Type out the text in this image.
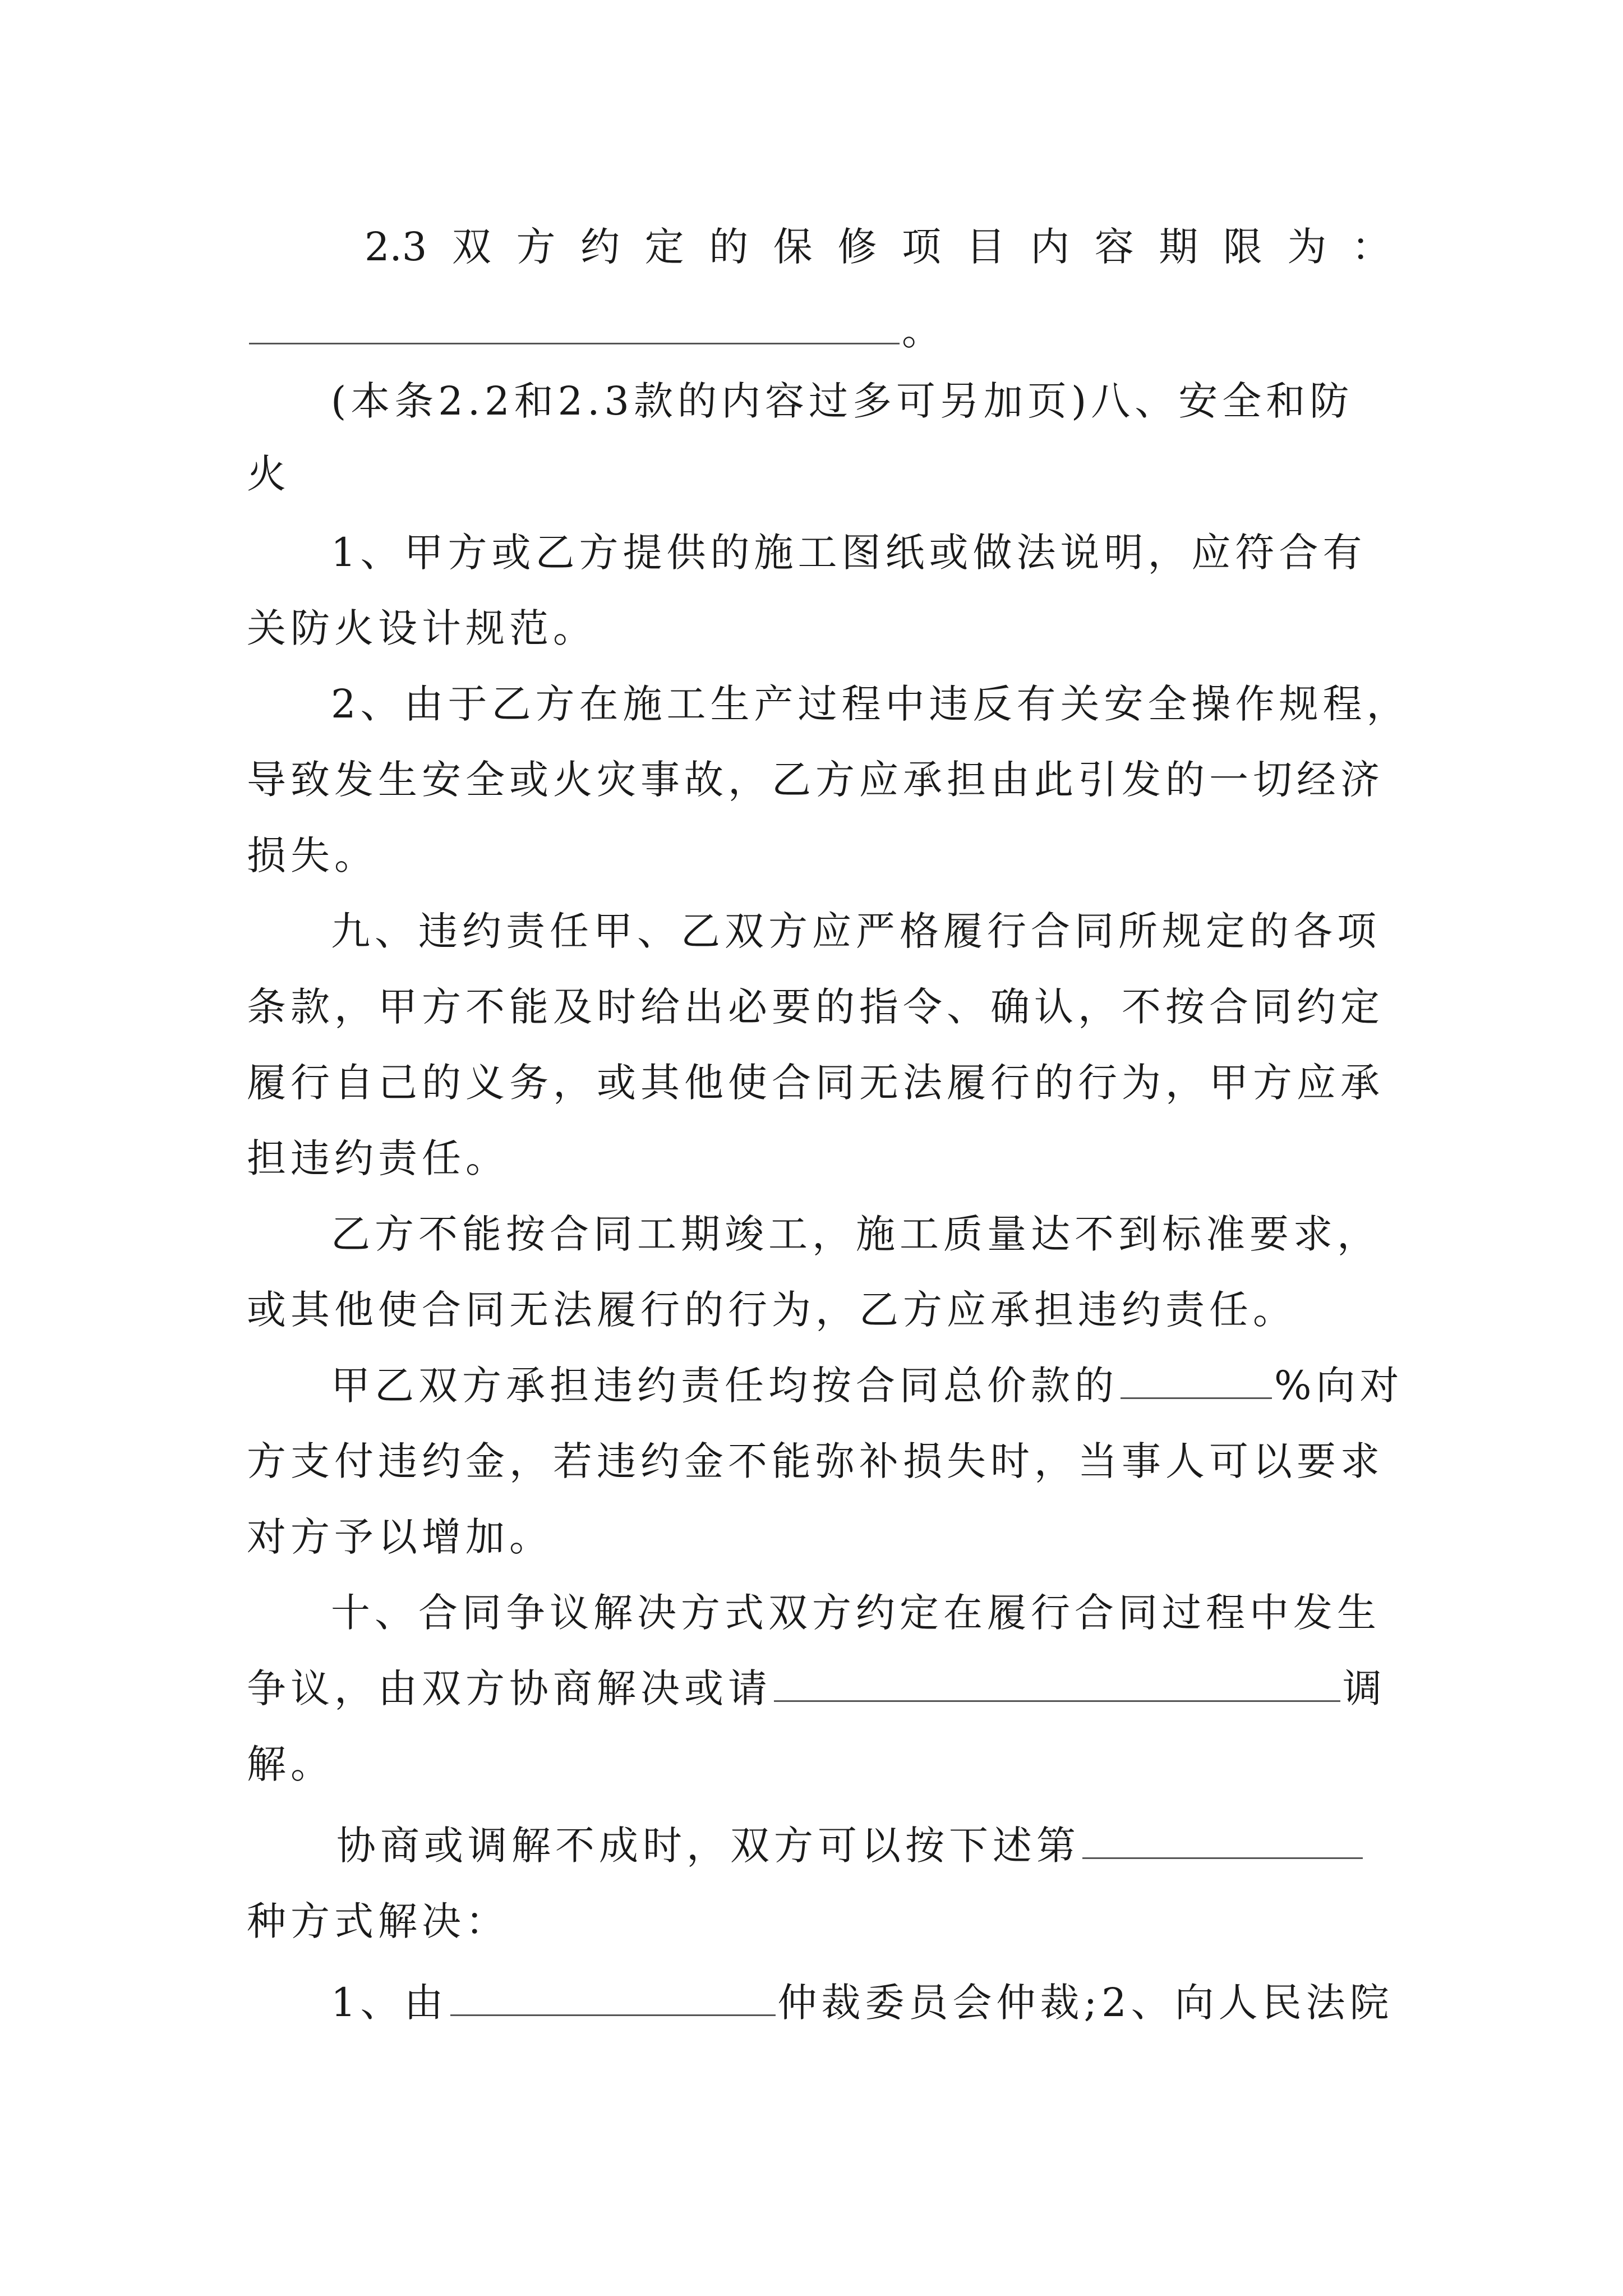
2.3 双 方 约 定 的 保 修 项 目 内 容 期 限 为 ：
。
(本条2.2和2.3款的内容过多可另加页)八、安全和防
火
1、甲方或乙方提供的施工图纸或做法说明，应符合有
关防火设计规范。
2、由于乙方在施工生产过程中违反有关安全操作规程，
导致发生安全或火灾事故，乙方应承担由此引发的一切经济
损失。
九、违约责任甲、乙双方应严格履行合同所规定的各项
条款，甲方不能及时给出必要的指令、确认，不按合同约定
履行自己的义务，或其他使合同无法履行的行为，甲方应承
担违约责任。
乙方不能按合同工期竣工，施工质量达不到标准要求，
或其他使合同无法履行的行为，乙方应承担违约责任。
甲乙双方承担违约责任均按合同总价款的	%向对
方支付违约金，若违约金不能弥补损失时，当事人可以要求
对方予以增加。
十、合同争议解决方式双方约定在履行合同过程中发生
争议，由双方协商解决或请	调
解。
协商或调解不成时，双方可以按下述第
种方式解决：
1、由	仲裁委员会仲裁;2、向人民法院
